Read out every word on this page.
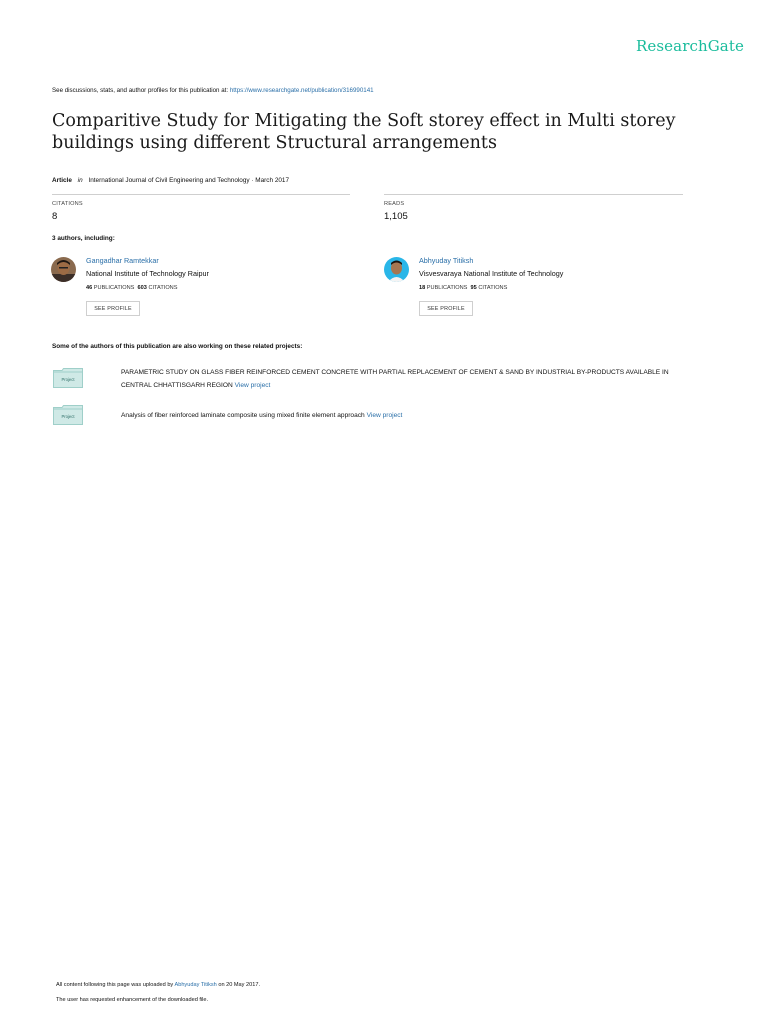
ResearchGate
See discussions, stats, and author profiles for this publication at: https://www.researchgate.net/publication/316990141
Comparitive Study for Mitigating the Soft storey effect in Multi storey
buildings using different Structural arrangements
Article in International Journal of Civil Engineering and Technology · March 2017
CITATIONS
8
READS
1,105
3 authors, including:
Gangadhar Ramtekkar
National Institute of Technology Raipur
46 PUBLICATIONS 603 CITATIONS
SEE PROFILE
Abhyuday Titiksh
Visvesvaraya National Institute of Technology
18 PUBLICATIONS 95 CITATIONS
SEE PROFILE
Some of the authors of this publication are also working on these related projects:
Project
PARAMETRIC STUDY ON GLASS FIBER REINFORCED CEMENT CONCRETE WITH PARTIAL REPLACEMENT OF CEMENT & SAND BY INDUSTRIAL BY-PRODUCTS AVAILABLE IN
CENTRAL CHHATTISGARH REGION View project
Project	Analysis of fiber reinforced laminate composite using mixed finite element approach View project
All content following this page was uploaded by Abhyuday Titiksh on 20 May 2017.
The user has requested enhancement of the downloaded file.
